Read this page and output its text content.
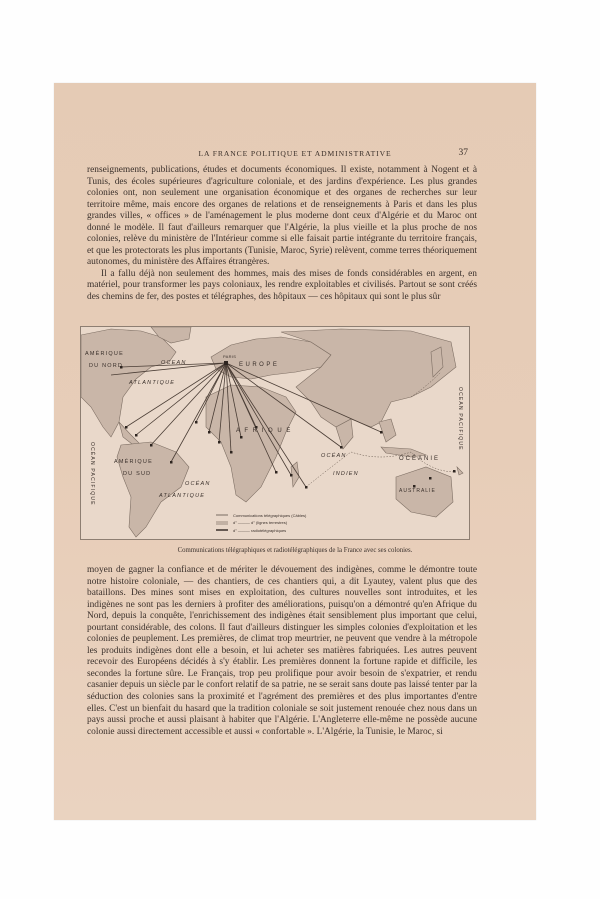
LA FRANCE POLITIQUE ET ADMINISTRATIVE	37

renseignements, publications, études et documents économiques. Il existe, notamment à Nogent et à Tunis, des écoles supérieures d'agriculture coloniale, et des jardins d'expérience. Les plus grandes colonies ont, non seulement une organisation économique et des organes de recherches sur leur territoire même, mais encore des organes de relations et de renseignements à Paris et dans les plus grandes villes, « offices » de l'aménagement le plus moderne dont ceux d'Algérie et du Maroc ont donné le modèle. Il faut d'ailleurs remarquer que l'Algérie, la plus vieille et la plus proche de nos colonies, relève du ministère de l'Intérieur comme si elle faisait partie intégrante du territoire français, et que les protectorats les plus importants (Tunisie, Maroc, Syrie) relèvent, comme terres théoriquement autonomes, du ministère des Affaires étrangères.

Il a fallu déjà non seulement des hommes, mais des mises de fonds considérables en argent, en matériel, pour transformer les pays coloniaux, les rendre exploitables et civilisés. Partout se sont créés des chemins de fer, des postes et télégraphes, des hôpitaux — ces hôpitaux qui sont le plus sûr

AMÉRIQUE
DU NORD	OCEAN
ATLANTIQUE
PARIS
EUROPE
A F R I Q U E
AMÉRIQUE
DU SUD
OCÉAN
ATLANTIQUE
OCÉAN PACIFIQUE	OCÉAN
INDIEN
OCÉANIE
AUSTRALIE
OCEAN PACIFIQUE
Communications télégraphiques (Câbles)
d° ——— d° (lignes terrestres)
d° ——— radiotélégraphiques
Communications télégraphiques et radiotélégraphiques de la France avec ses colonies.

moyen de gagner la confiance et de mériter le dévouement des indigènes, comme le démontre toute notre histoire coloniale, — des chantiers, de ces chantiers qui, a dit Lyautey, valent plus que des bataillons. Des mines sont mises en exploitation, des cultures nouvelles sont introduites, et les indigènes ne sont pas les derniers à profiter des améliorations, puisqu'on a démontré qu'en Afrique du Nord, depuis la conquête, l'enrichissement des indigènes était sensiblement plus important que celui, pourtant considérable, des colons. Il faut d'ailleurs distinguer les simples colonies d'exploitation et les colonies de peuplement. Les premières, de climat trop meurtrier, ne peuvent que vendre à la métropole les produits indigènes dont elle a besoin, et lui acheter ses matières fabriquées. Les autres peuvent recevoir des Européens décidés à s'y établir. Les premières donnent la fortune rapide et difficile, les secondes la fortune sûre. Le Français, trop peu prolifique pour avoir besoin de s'expatrier, et rendu casanier depuis un siècle par le confort relatif de sa patrie, ne se serait sans doute pas laissé tenter par la séduction des colonies sans la proximité et l'agrément des premières et des plus importantes d'entre elles. C'est un bienfait du hasard que la tradition coloniale se soit justement renouée chez nous dans un pays aussi proche et aussi plaisant à habiter que l'Algérie. L'Angleterre elle-même ne possède aucune colonie aussi directement accessible et aussi « confortable ». L'Algérie, la Tunisie, le Maroc, si
